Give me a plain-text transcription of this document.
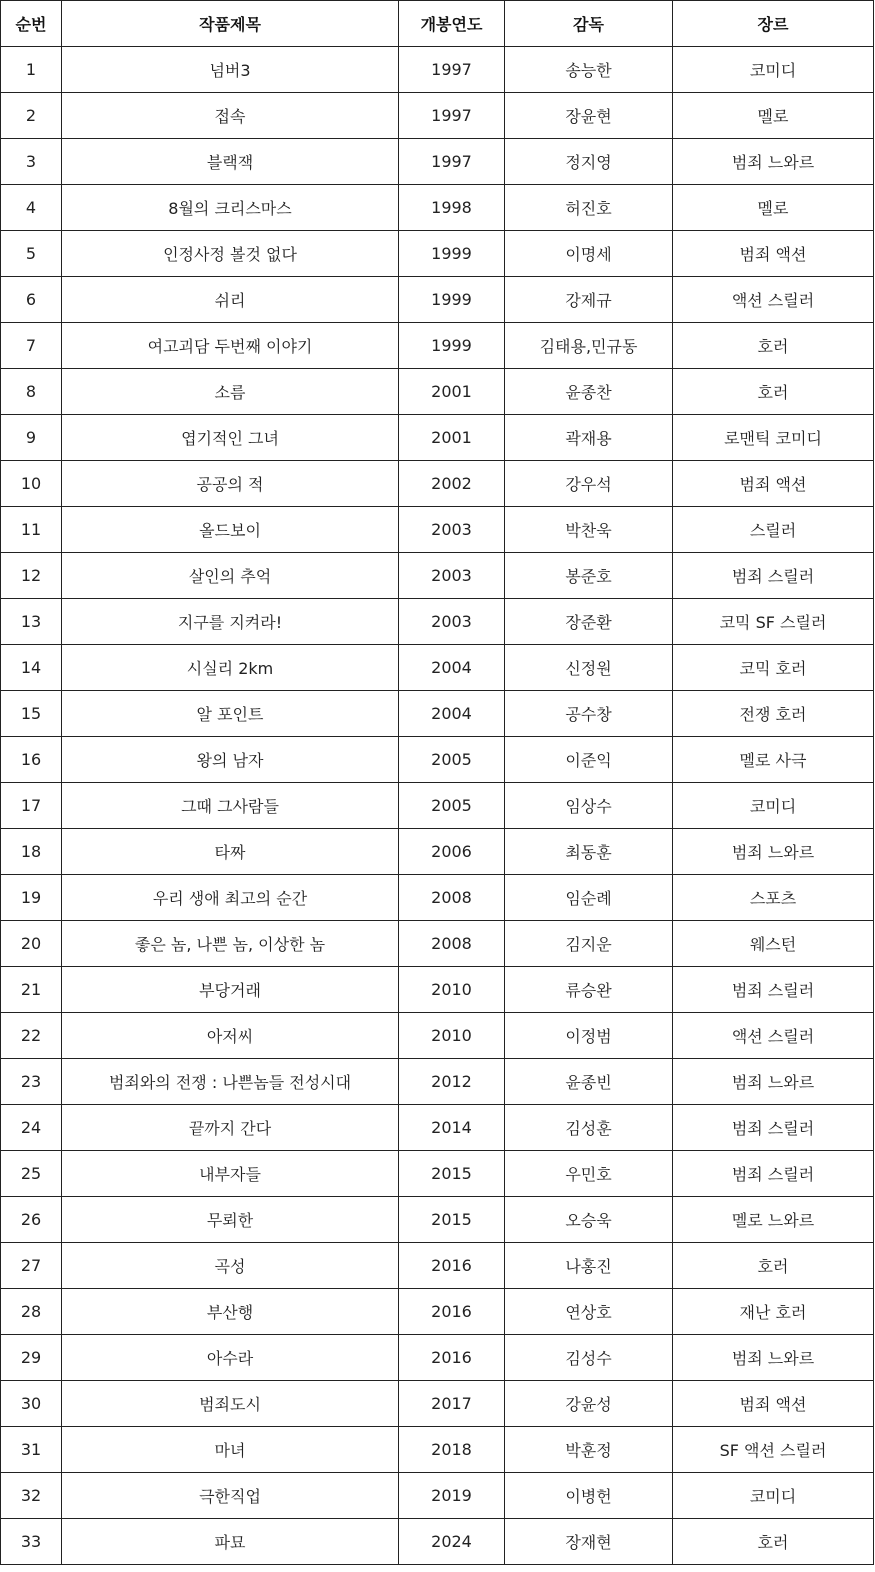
순번	작품제목	개봉연도	감독	장르
1	넘버3	1997	송능한	코미디
2	접속	1997	장윤현	멜로
3	블랙잭	1997	정지영	범죄 느와르
4	8월의 크리스마스	1998	허진호	멜로
5	인정사정 볼것 없다	1999	이명세	범죄 액션
6	쉬리	1999	강제규	액션 스릴러
7	여고괴담 두번째 이야기	1999	김태용,민규동	호러
8	소름	2001	윤종찬	호러
9	엽기적인 그녀	2001	곽재용	로맨틱 코미디
10	공공의 적	2002	강우석	범죄 액션
11	올드보이	2003	박찬욱	스릴러
12	살인의 추억	2003	봉준호	범죄 스릴러
13	지구를 지켜라!	2003	장준환	코믹 SF 스릴러
14	시실리 2km	2004	신정원	코믹 호러
15	알 포인트	2004	공수창	전쟁 호러
16	왕의 남자	2005	이준익	멜로 사극
17	그때 그사람들	2005	임상수	코미디
18	타짜	2006	최동훈	범죄 느와르
19	우리 생애 최고의 순간	2008	임순례	스포츠
20	좋은 놈, 나쁜 놈, 이상한 놈	2008	김지운	웨스턴
21	부당거래	2010	류승완	범죄 스릴러
22	아저씨	2010	이정범	액션 스릴러
23	범죄와의 전쟁 : 나쁜놈들 전성시대	2012	윤종빈	범죄 느와르
24	끝까지 간다	2014	김성훈	범죄 스릴러
25	내부자들	2015	우민호	범죄 스릴러
26	무뢰한	2015	오승욱	멜로 느와르
27	곡성	2016	나홍진	호러
28	부산행	2016	연상호	재난 호러
29	아수라	2016	김성수	범죄 느와르
30	범죄도시	2017	강윤성	범죄 액션
31	마녀	2018	박훈정	SF 액션 스릴러
32	극한직업	2019	이병헌	코미디
33	파묘	2024	장재현	호러
